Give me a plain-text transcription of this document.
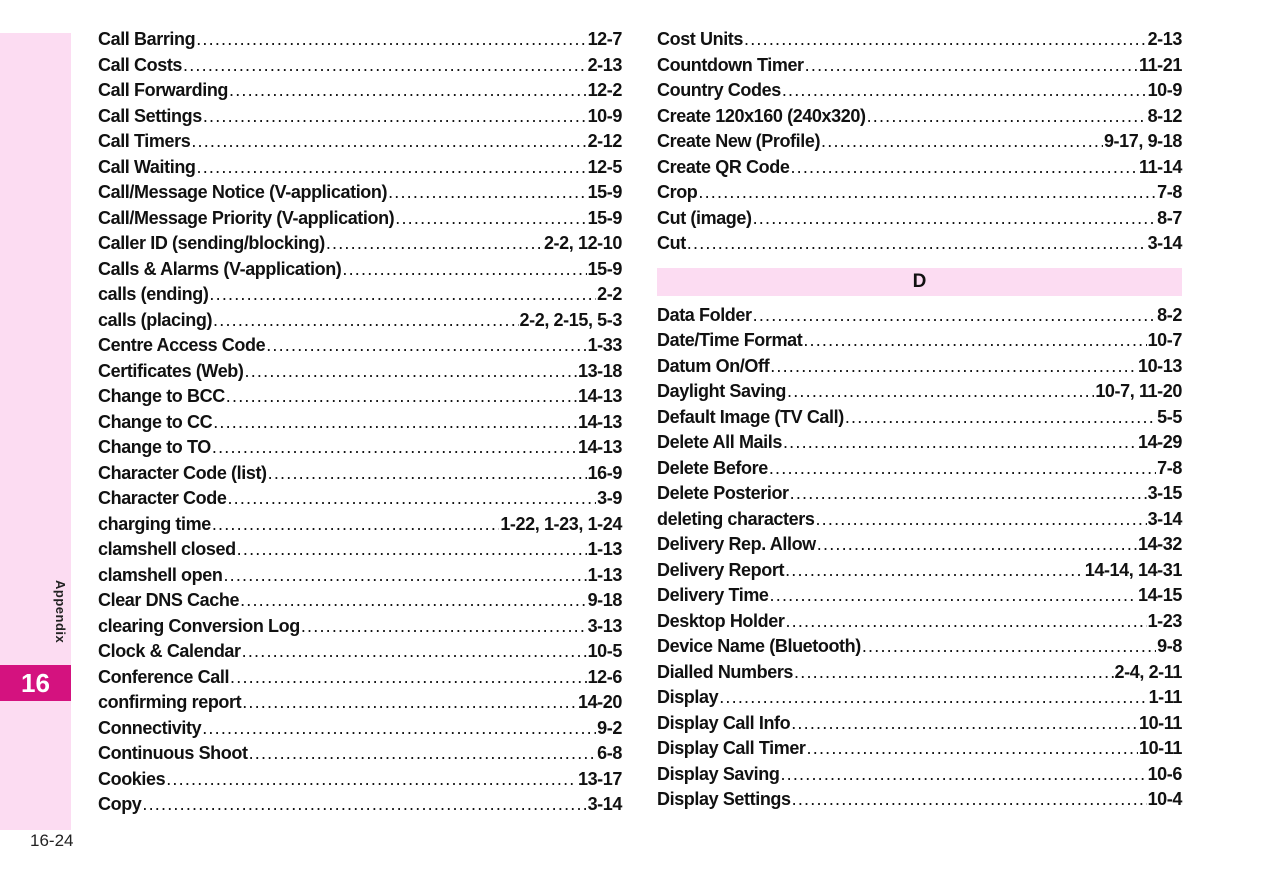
Appendix
16
16-24
Call Barring .....	12-7
Call Costs .....	2-13
Call Forwarding .....	12-2
Call Settings .....	10-9
Call Timers .....	2-12
Call Waiting .....	12-5
Call/Message Notice (V-application) .....	15-9
Call/Message Priority (V-application) .....	15-9
Caller ID (sending/blocking) .....	2-2, 12-10
Calls & Alarms (V-application) .....	15-9
calls (ending) .....	2-2
calls (placing) .....	2-2, 2-15, 5-3
Centre Access Code .....	1-33
Certificates (Web) .....	13-18
Change to BCC .....	14-13
Change to CC .....	14-13
Change to TO .....	14-13
Character Code (list) .....	16-9
Character Code .....	3-9
charging time .....	1-22, 1-23, 1-24
clamshell closed .....	1-13
clamshell open .....	1-13
Clear DNS Cache .....	9-18
clearing Conversion Log .....	3-13
Clock & Calendar .....	10-5
Conference Call .....	12-6
confirming report .....	14-20
Connectivity .....	9-2
Continuous Shoot .....	6-8
Cookies .....	13-17
Copy .....	3-14
Cost Units .....	2-13
Countdown Timer .....	11-21
Country Codes .....	10-9
Create 120x160 (240x320) .....	8-12
Create New (Profile) .....	9-17, 9-18
Create QR Code .....	11-14
Crop .....	7-8
Cut (image) .....	8-7
Cut .....	3-14
D
Data Folder .....	8-2
Date/Time Format .....	10-7
Datum On/Off .....	10-13
Daylight Saving .....	10-7, 11-20
Default Image (TV Call) .....	5-5
Delete All Mails .....	14-29
Delete Before .....	7-8
Delete Posterior .....	3-15
deleting characters .....	3-14
Delivery Rep. Allow .....	14-32
Delivery Report .....	14-14, 14-31
Delivery Time .....	14-15
Desktop Holder .....	1-23
Device Name (Bluetooth) .....	9-8
Dialled Numbers .....	2-4, 2-11
Display .....	1-11
Display Call Info .....	10-11
Display Call Timer .....	10-11
Display Saving .....	10-6
Display Settings .....	10-4
